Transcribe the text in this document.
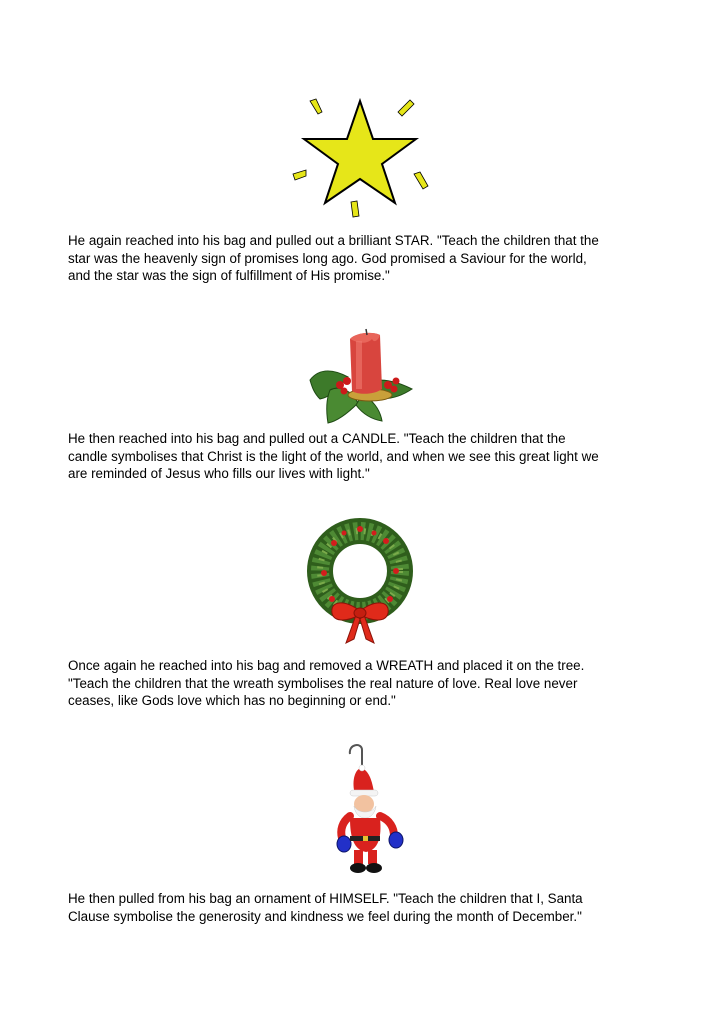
He again reached into his bag and pulled out a brilliant STAR. "Teach the children that the
star was the heavenly sign of promises long ago. God promised a Saviour for the world,
and the star was the sign of fulfillment of His promise."

He then reached into his bag and pulled out a CANDLE. "Teach the children that the
candle symbolises that Christ is the light of the world, and when we see this great light we
are reminded of Jesus who fills our lives with light."

Once again he reached into his bag and removed a WREATH and placed it on the tree.
"Teach the children that the wreath symbolises the real nature of love. Real love never
ceases, like Gods love which has no beginning or end."

He then pulled from his bag an ornament of HIMSELF. "Teach the children that I, Santa
Clause symbolise the generosity and kindness we feel during the month of December."
